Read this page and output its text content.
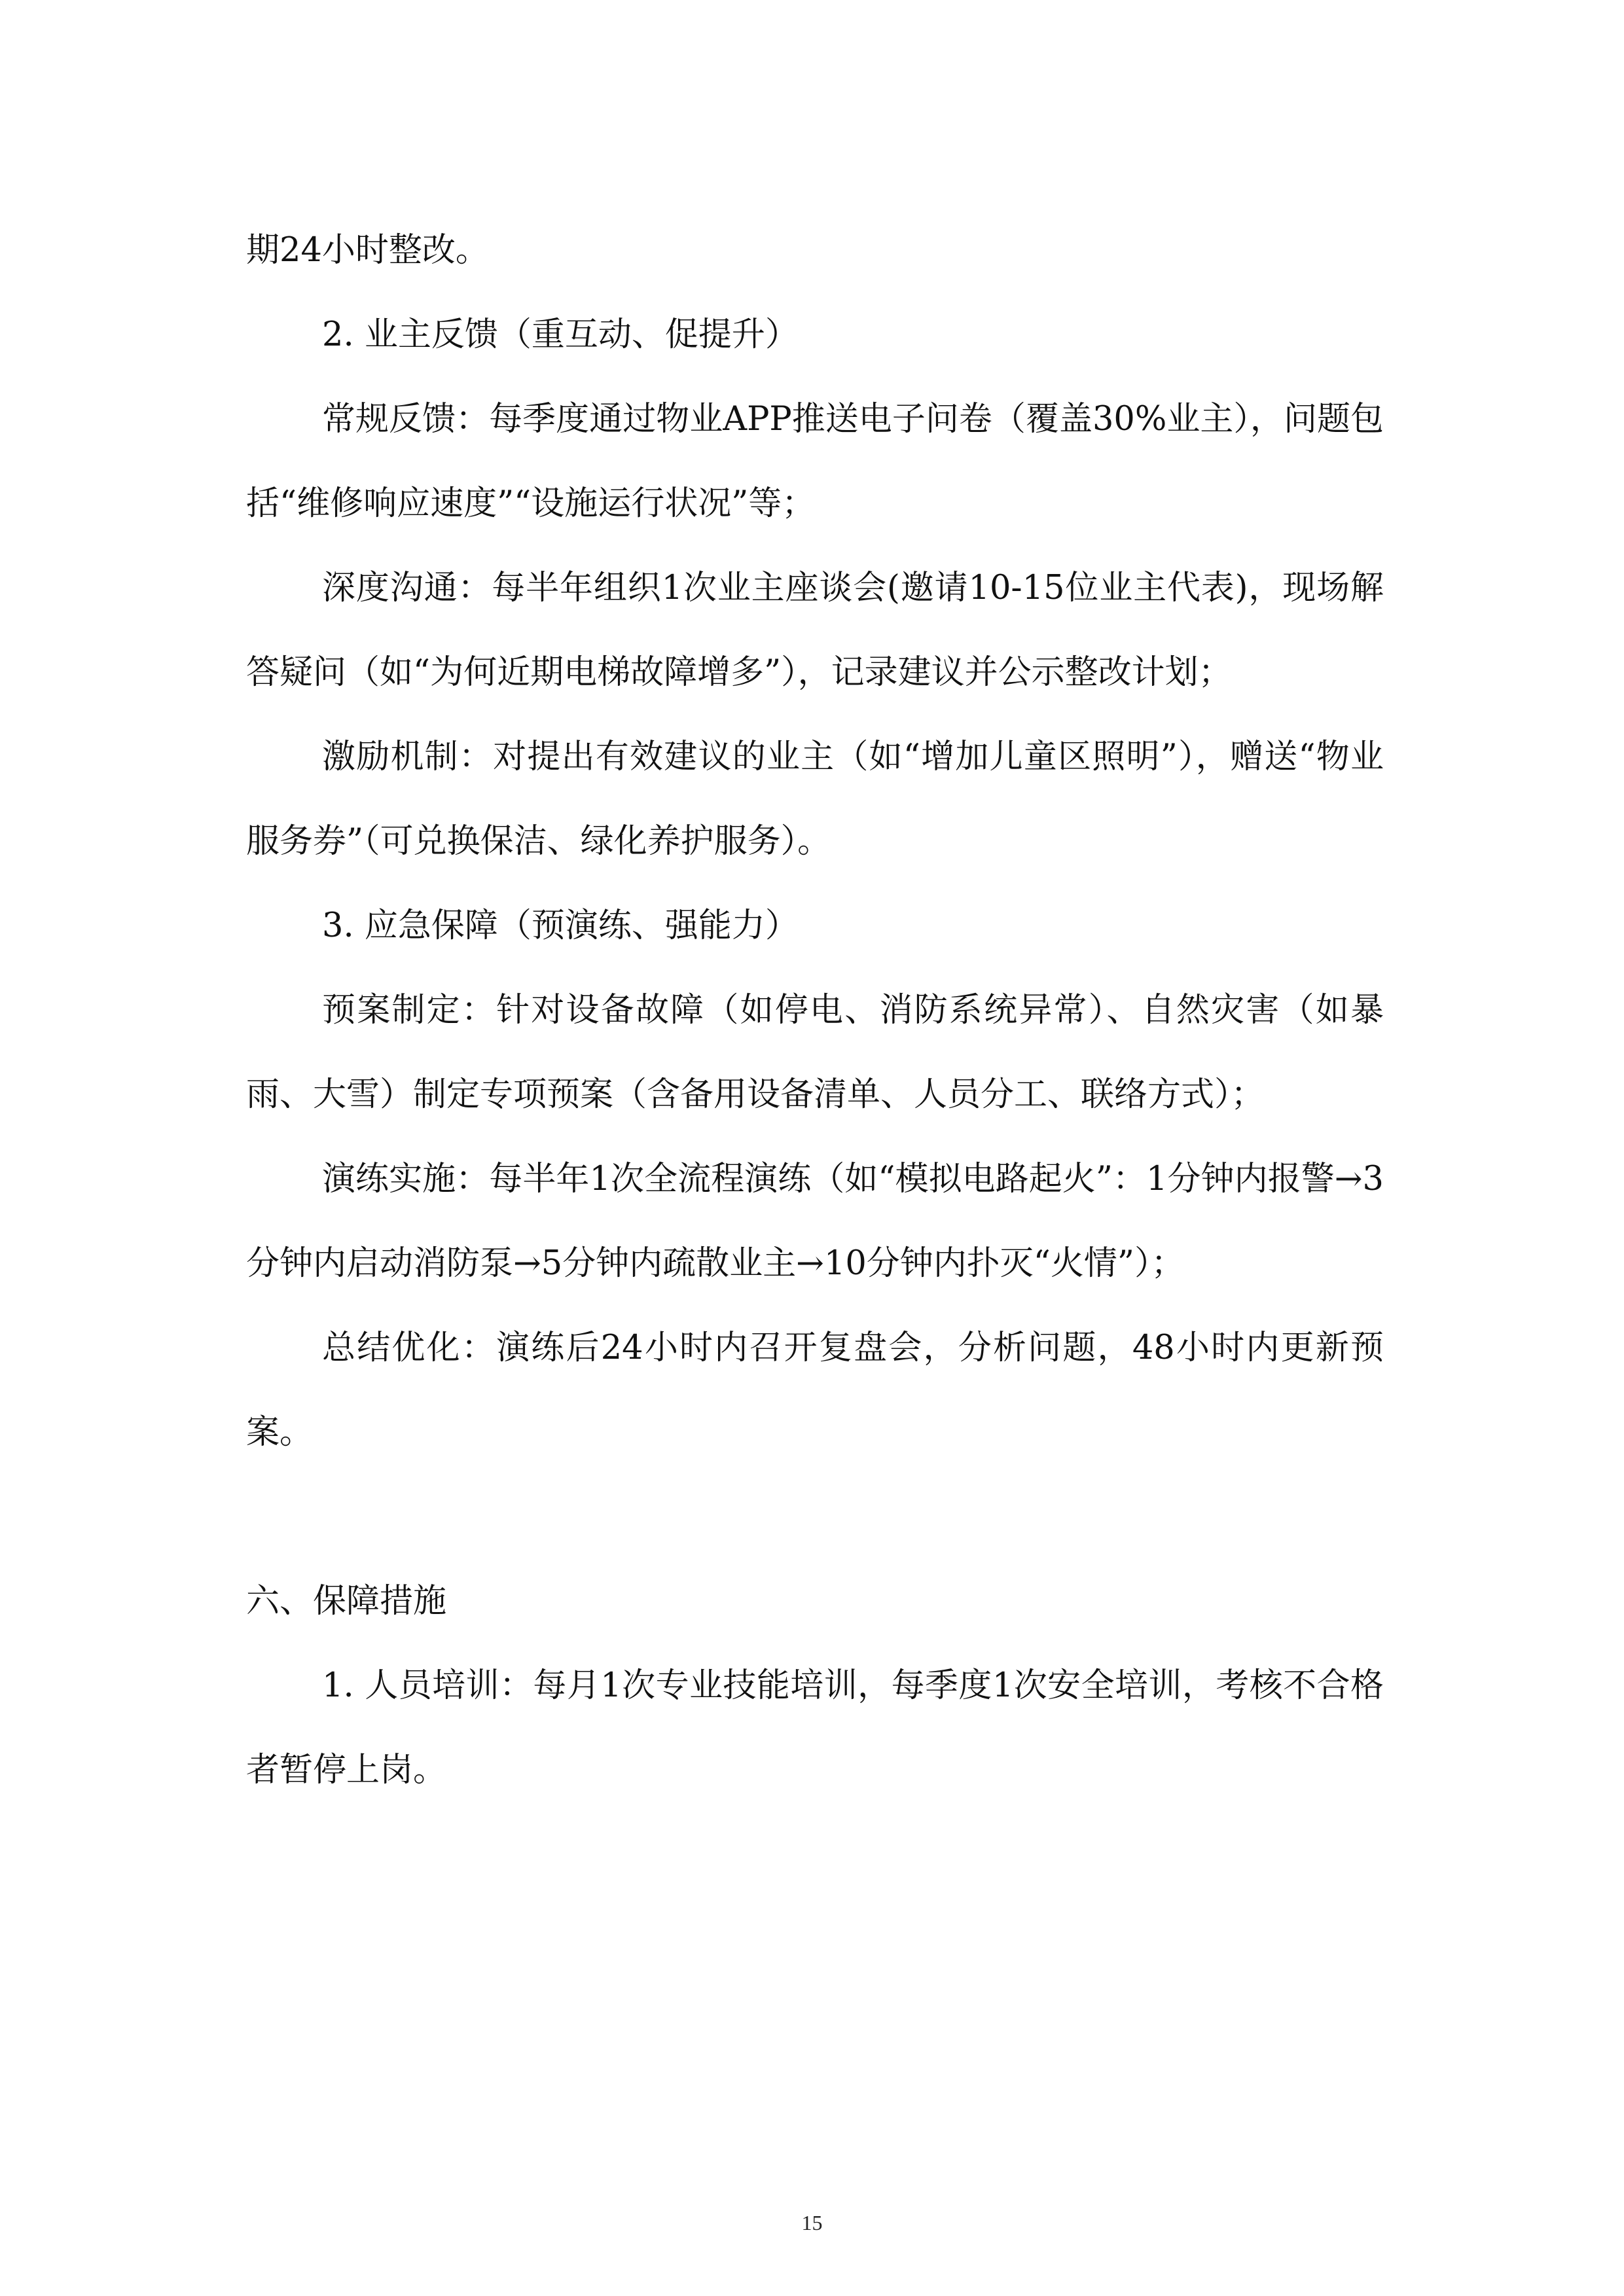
期24小时整改。

2. 业主反馈（重互动、促提升）

常规反馈：每季度通过物业APP推送电子问卷（覆盖30%业主），问题包括“维修响应速度”“设施运行状况”等；

深度沟通：每半年组织1次业主座谈会(邀请10-15位业主代表)，现场解答疑问（如“为何近期电梯故障增多”），记录建议并公示整改计划；

激励机制：对提出有效建议的业主（如“增加儿童区照明”），赠送“物业服务券”（可兑换保洁、绿化养护服务）。

3. 应急保障（预演练、强能力）

预案制定：针对设备故障（如停电、消防系统异常）、自然灾害（如暴雨、大雪）制定专项预案（含备用设备清单、人员分工、联络方式）；

演练实施：每半年1次全流程演练（如“模拟电路起火”：1分钟内报警→3分钟内启动消防泵→5分钟内疏散业主→10分钟内扑灭“火情”）；

总结优化：演练后24小时内召开复盘会，分析问题，48小时内更新预案。

六、保障措施

1. 人员培训：每月1次专业技能培训，每季度1次安全培训，考核不合格者暂停上岗。

15
